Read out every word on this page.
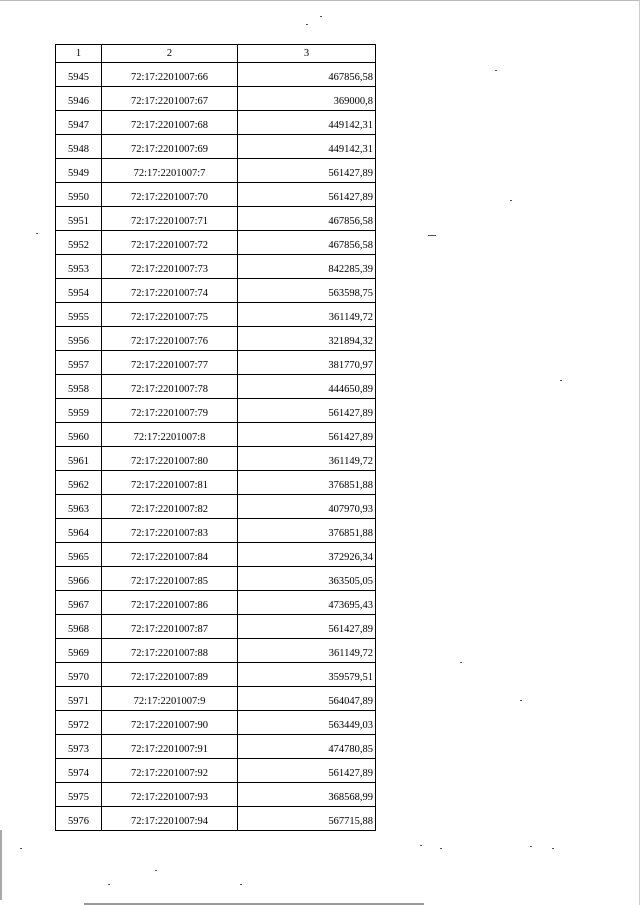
1	2	3
5945	72:17:2201007:66	467856,58
5946	72:17:2201007:67	369000,8
5947	72:17:2201007:68	449142,31
5948	72:17:2201007:69	449142,31
5949	72:17:2201007:7	561427,89
5950	72:17:2201007:70	561427,89
5951	72:17:2201007:71	467856,58
5952	72:17:2201007:72	467856,58
5953	72:17:2201007:73	842285,39
5954	72:17:2201007:74	563598,75
5955	72:17:2201007:75	361149,72
5956	72:17:2201007:76	321894,32
5957	72:17:2201007:77	381770,97
5958	72:17:2201007:78	444650,89
5959	72:17:2201007:79	561427,89
5960	72:17:2201007:8	561427,89
5961	72:17:2201007:80	361149,72
5962	72:17:2201007:81	376851,88
5963	72:17:2201007:82	407970,93
5964	72:17:2201007:83	376851,88
5965	72:17:2201007:84	372926,34
5966	72:17:2201007:85	363505,05
5967	72:17:2201007:86	473695,43
5968	72:17:2201007:87	561427,89
5969	72:17:2201007:88	361149,72
5970	72:17:2201007:89	359579,51
5971	72:17:2201007:9	564047,89
5972	72:17:2201007:90	563449,03
5973	72:17:2201007:91	474780,85
5974	72:17:2201007:92	561427,89
5975	72:17:2201007:93	368568,99
5976	72:17:2201007:94	567715,88
